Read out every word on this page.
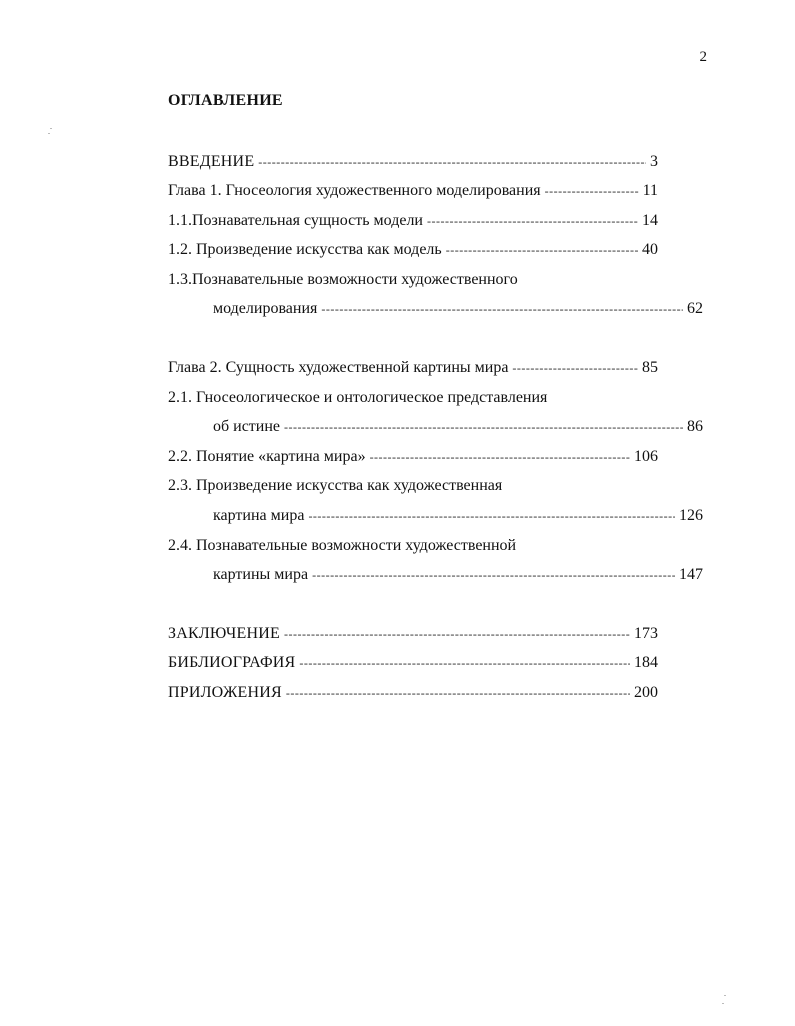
2
ОГЛАВЛЕНИЕ
ВВЕДЕНИЕ -----	3
Глава 1. Гносеология художественного моделирования -----	11
1.1.Познавательная сущность модели -----	14
1.2. Произведение искусства как модель -----	40
1.3.Познавательные возможности художественного
моделирования -----	62
Глава 2. Сущность художественной картины мира -----	85
2.1. Гносеологическое и онтологическое представления
об истине -----	86
2.2. Понятие «картина мира» -----	106
2.3. Произведение искусства как художественная
картина мира -----	126
2.4. Познавательные возможности художественной
картины мира -----	147
ЗАКЛЮЧЕНИЕ -----	173
БИБЛИОГРАФИЯ -----	184
ПРИЛОЖЕНИЯ -----	200
